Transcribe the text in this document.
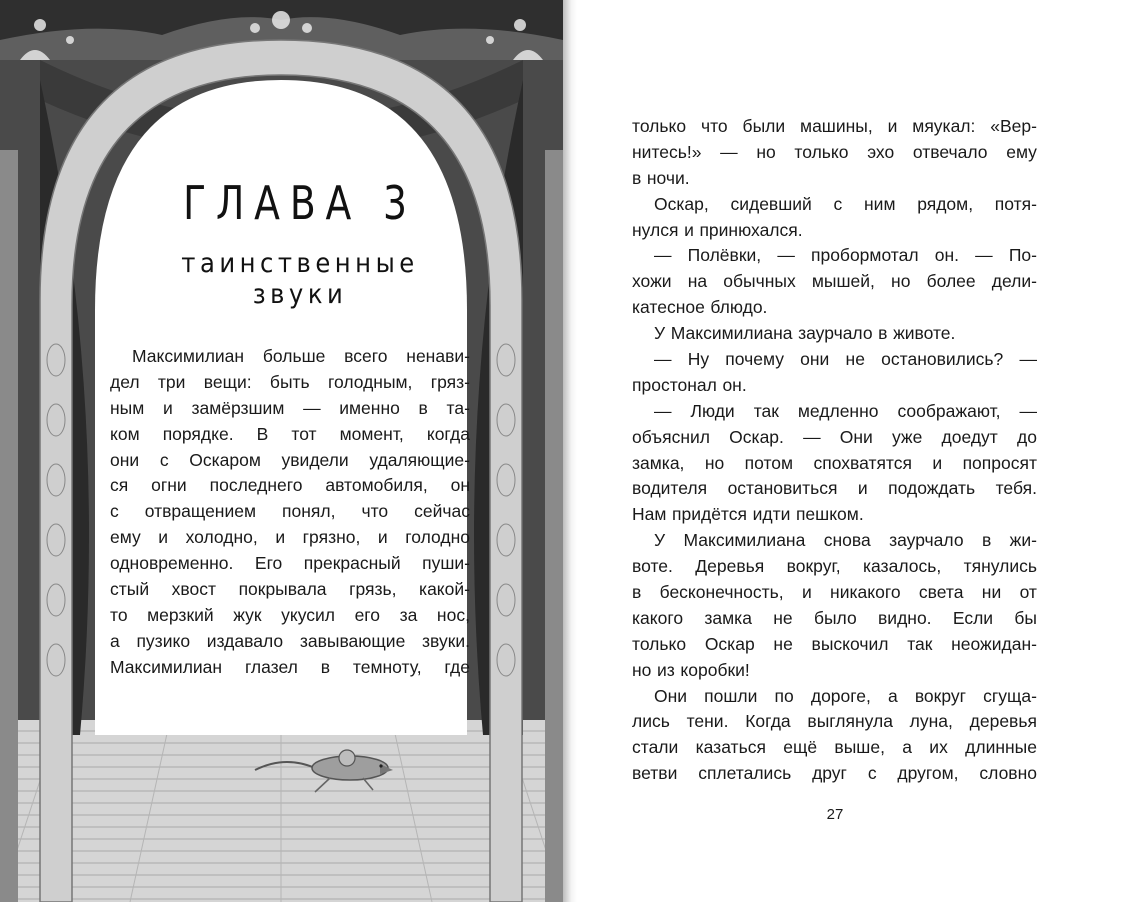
ГЛАВА 3
таинственные звуки
Максимилиан больше всего ненави-
дел три вещи: быть голодным, гряз-
ным и замёрзшим — именно в та-
ком порядке. В тот момент, когда
они с Оскаром увидели удаляющие-
ся огни последнего автомобиля, он
с отвращением понял, что сейчас
ему и холодно, и грязно, и голодно
одновременно. Его прекрасный пуши-
стый хвост покрывала грязь, какой-
то мерзкий жук укусил его за нос,
а пузико издавало завывающие звуки.
Максимилиан глазел в темноту, где
только что были машины, и мяукал: «Вер-
нитесь!» — но только эхо отвечало ему
в ночи.
Оскар, сидевший с ним рядом, потя-
нулся и принюхался.
— Полёвки, — пробормотал он. — По-
хожи на обычных мышей, но более дели-
катесное блюдо.
У Максимилиана заурчало в животе.
— Ну почему они не остановились? —
простонал он.
— Люди так медленно соображают, —
объяснил Оскар. — Они уже доедут до
замка, но потом спохватятся и попросят
водителя остановиться и подождать тебя.
Нам придётся идти пешком.
У Максимилиана снова заурчало в жи-
воте. Деревья вокруг, казалось, тянулись
в бесконечность, и никакого света ни от
какого замка не было видно. Если бы
только Оскар не выскочил так неожидан-
но из коробки!
Они пошли по дороге, а вокруг сгуща-
лись тени. Когда выглянула луна, деревья
стали казаться ещё выше, а их длинные
ветви сплетались друг с другом, словно
27
